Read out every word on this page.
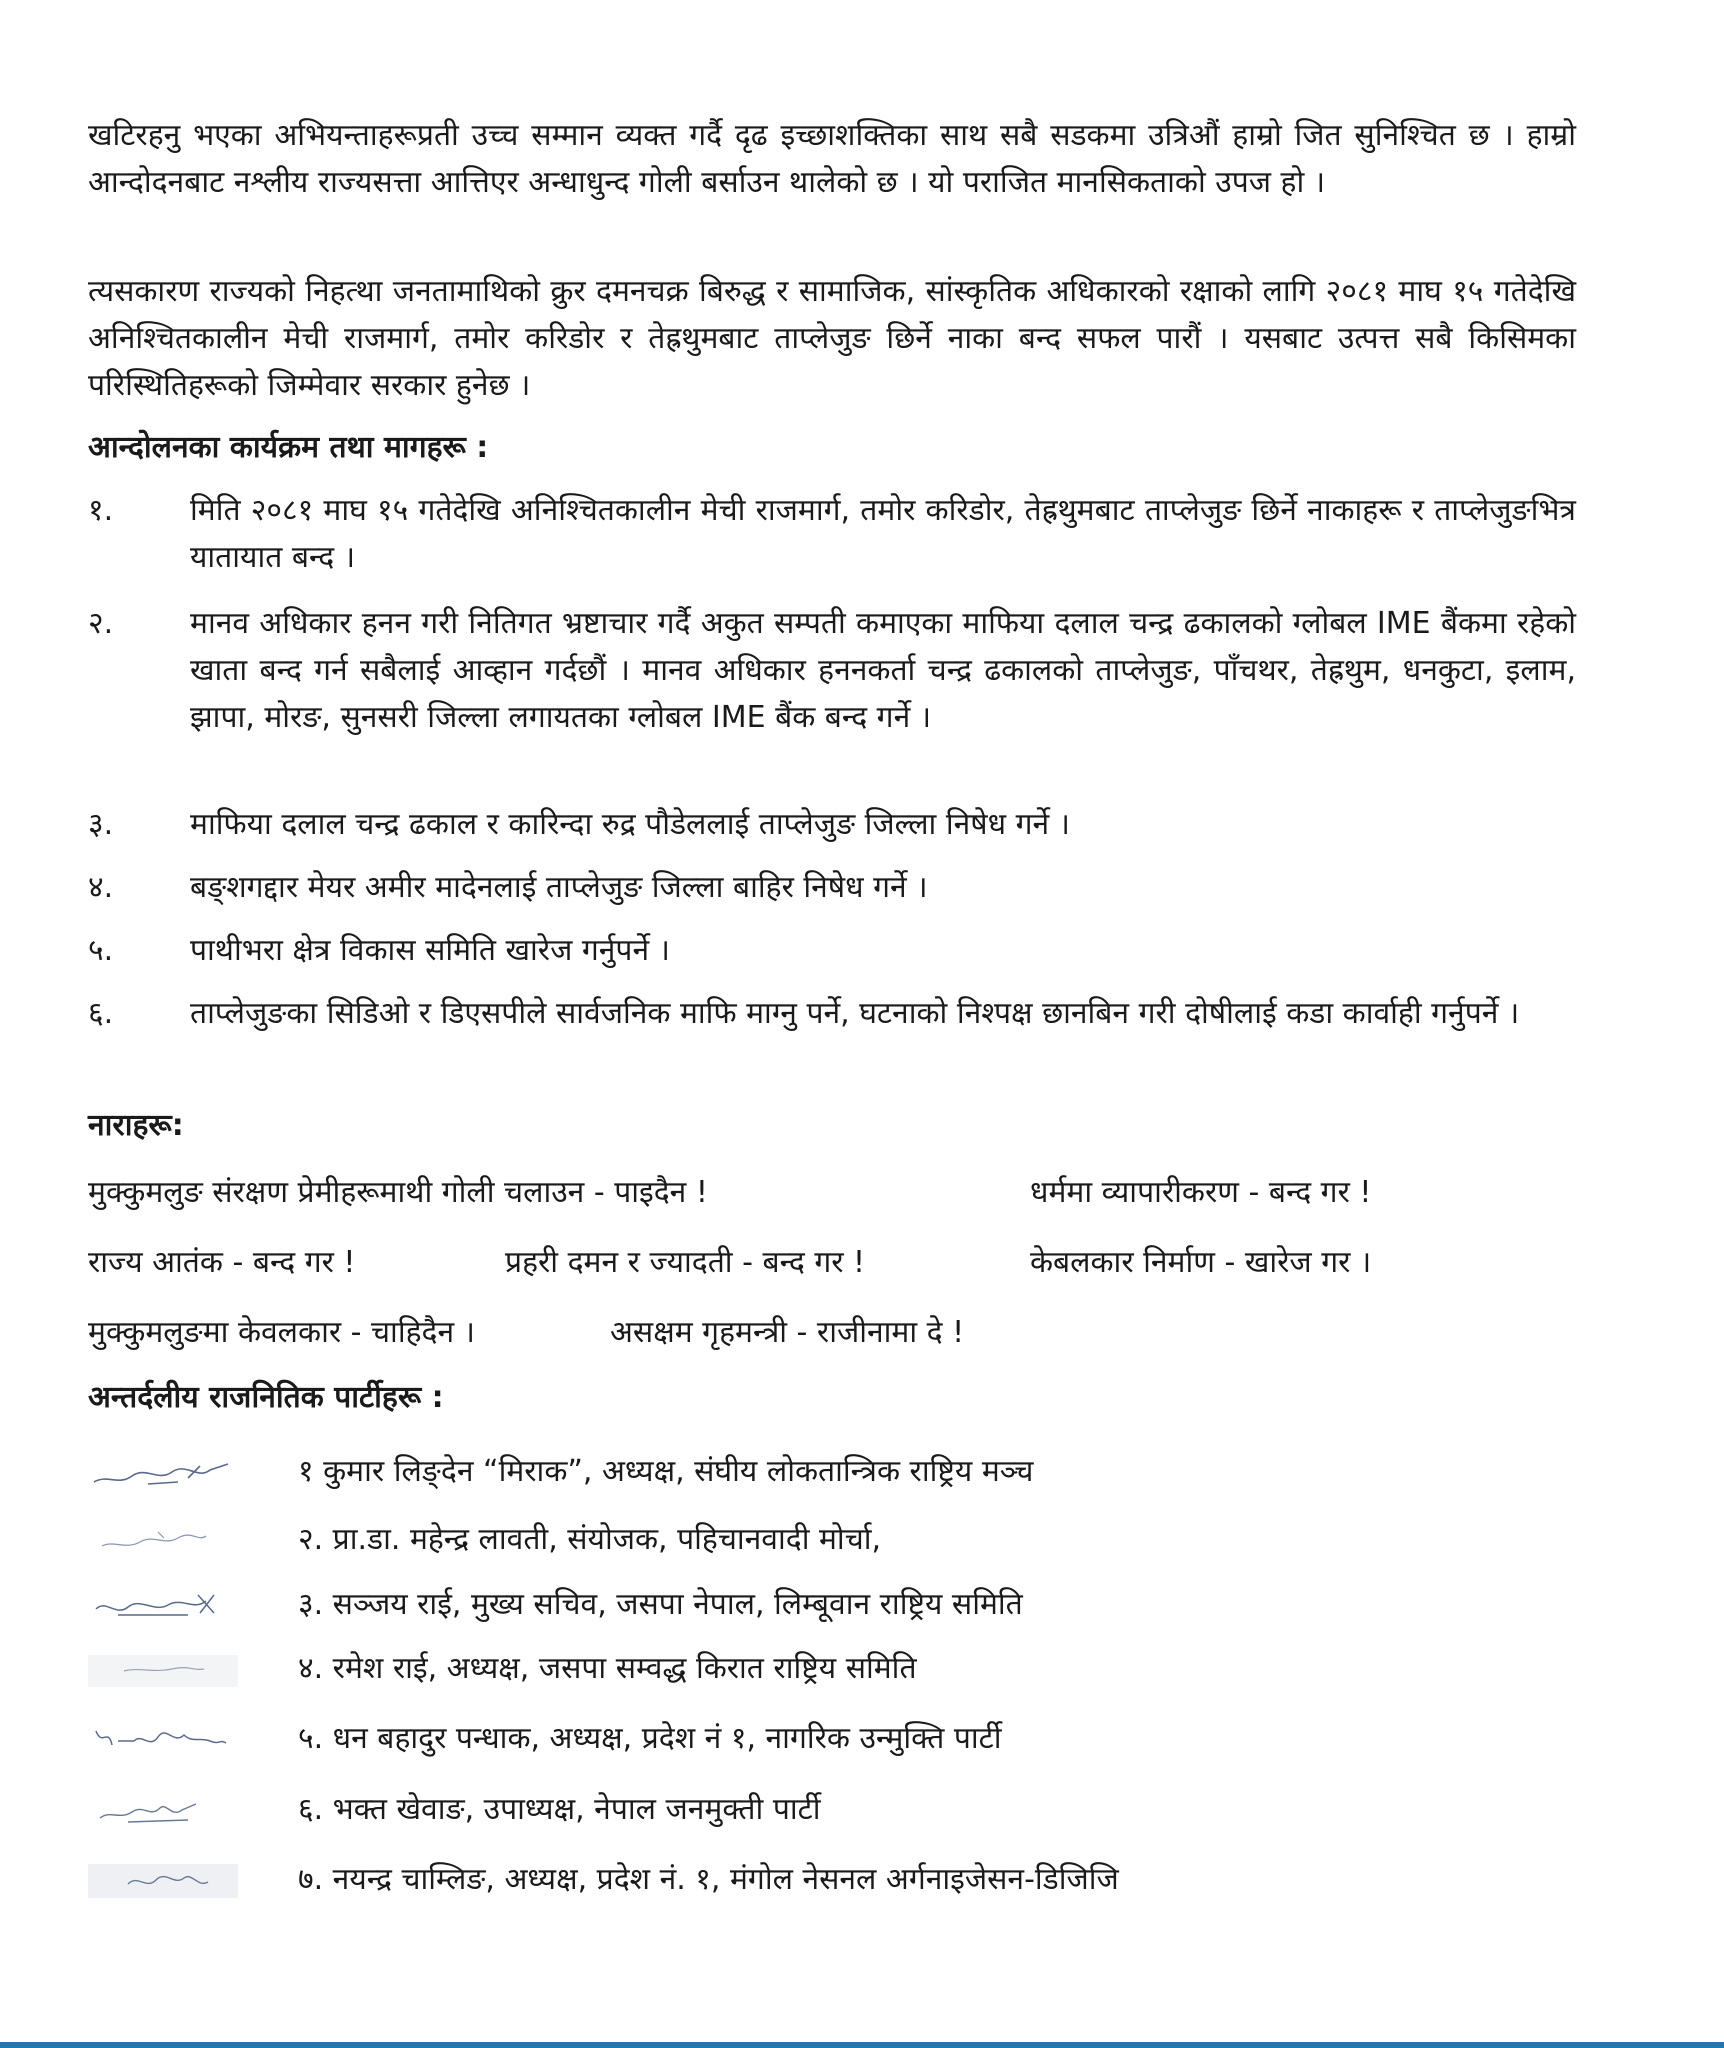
खटिरहनु भएका अभियन्ताहरूप्रती उच्च सम्मान व्यक्त गर्दै दृढ इच्छाशक्तिका साथ सबै सडकमा उत्रिऔं हाम्रो जित सुनिश्चित छ । हाम्रो आन्दोदनबाट नश्लीय राज्यसत्ता आत्तिएर अन्धाधुन्द गोली बर्साउन थालेको छ । यो पराजित मानसिकताको उपज हो ।

त्यसकारण राज्यको निहत्था जनतामाथिको क्रुर दमनचक्र बिरुद्ध र सामाजिक, सांस्कृतिक अधिकारको रक्षाको लागि २०८१ माघ १५ गतेदेखि अनिश्चितकालीन मेची राजमार्ग, तमोर करिडोर र तेह्रथुमबाट ताप्लेजुङ छिर्ने नाका बन्द सफल पारौं । यसबाट उत्पत्त सबै किसिमका परिस्थितिहरूको जिम्मेवार सरकार हुनेछ ।

आन्दोलनका कार्यक्रम तथा मागहरू :
१.	मिति २०८१ माघ १५ गतेदेखि अनिश्चितकालीन मेची राजमार्ग, तमोर करिडोर, तेह्रथुमबाट ताप्लेजुङ छिर्ने नाकाहरू र ताप्लेजुङभित्र यातायात बन्द ।
२.	मानव अधिकार हनन गरी नितिगत भ्रष्टाचार गर्दै अकुत सम्पती कमाएका माफिया दलाल चन्द्र ढकालको ग्लोबल IME बैंकमा रहेको खाता बन्द गर्न सबैलाई आव्हान गर्दछौं । मानव अधिकार हननकर्ता चन्द्र ढकालको ताप्लेजुङ, पाँचथर, तेह्रथुम, धनकुटा, इलाम, झापा, मोरङ, सुनसरी जिल्ला लगायतका ग्लोबल IME बैंक बन्द गर्ने ।
३.	माफिया दलाल चन्द्र ढकाल र कारिन्दा रुद्र पौडेललाई ताप्लेजुङ जिल्ला निषेध गर्ने ।
४.	बङ्शगद्दार मेयर अमीर मादेनलाई ताप्लेजुङ जिल्ला बाहिर निषेध गर्ने ।
५.	पाथीभरा क्षेत्र विकास समिति खारेज गर्नुपर्ने ।
६.	ताप्लेजुङका सिडिओ र डिएसपीले सार्वजनिक माफि माग्नु पर्ने, घटनाको निश्पक्ष छानबिन गरी दोषीलाई कडा कार्वाही गर्नुपर्ने ।
नाराहरू:
मुक्कुमलुङ संरक्षण प्रेमीहरूमाथी गोली चलाउन - पाइदैन !	धर्ममा व्यापारीकरण - बन्द गर !
राज्य आतंक - बन्द गर !	प्रहरी दमन र ज्यादती - बन्द गर !	केबलकार निर्माण - खारेज गर ।
मुक्कुमलुङमा केवलकार - चाहिदैन ।	असक्षम गृहमन्त्री - राजीनामा दे !
अन्तर्दलीय राजनितिक पार्टीहरू :
१ कुमार लिङ्देन “मिराक”, अध्यक्ष, संघीय लोकतान्त्रिक राष्ट्रिय मञ्च
२. प्रा.डा. महेन्द्र लावती, संयोजक, पहिचानवादी मोर्चा,
३. सञ्जय राई, मुख्य सचिव, जसपा नेपाल, लिम्बूवान राष्ट्रिय समिति
४. रमेश राई, अध्यक्ष, जसपा सम्वद्ध किरात राष्ट्रिय समिति
५. धन बहादुर पन्धाक, अध्यक्ष, प्रदेश नं १, नागरिक उन्मुक्ति पार्टी
६. भक्त खेवाङ, उपाध्यक्ष, नेपाल जनमुक्ती पार्टी
७. नयन्द्र चाम्लिङ, अध्यक्ष, प्रदेश नं. १, मंगोल नेसनल अर्गनाइजेसन-डिजिजि
